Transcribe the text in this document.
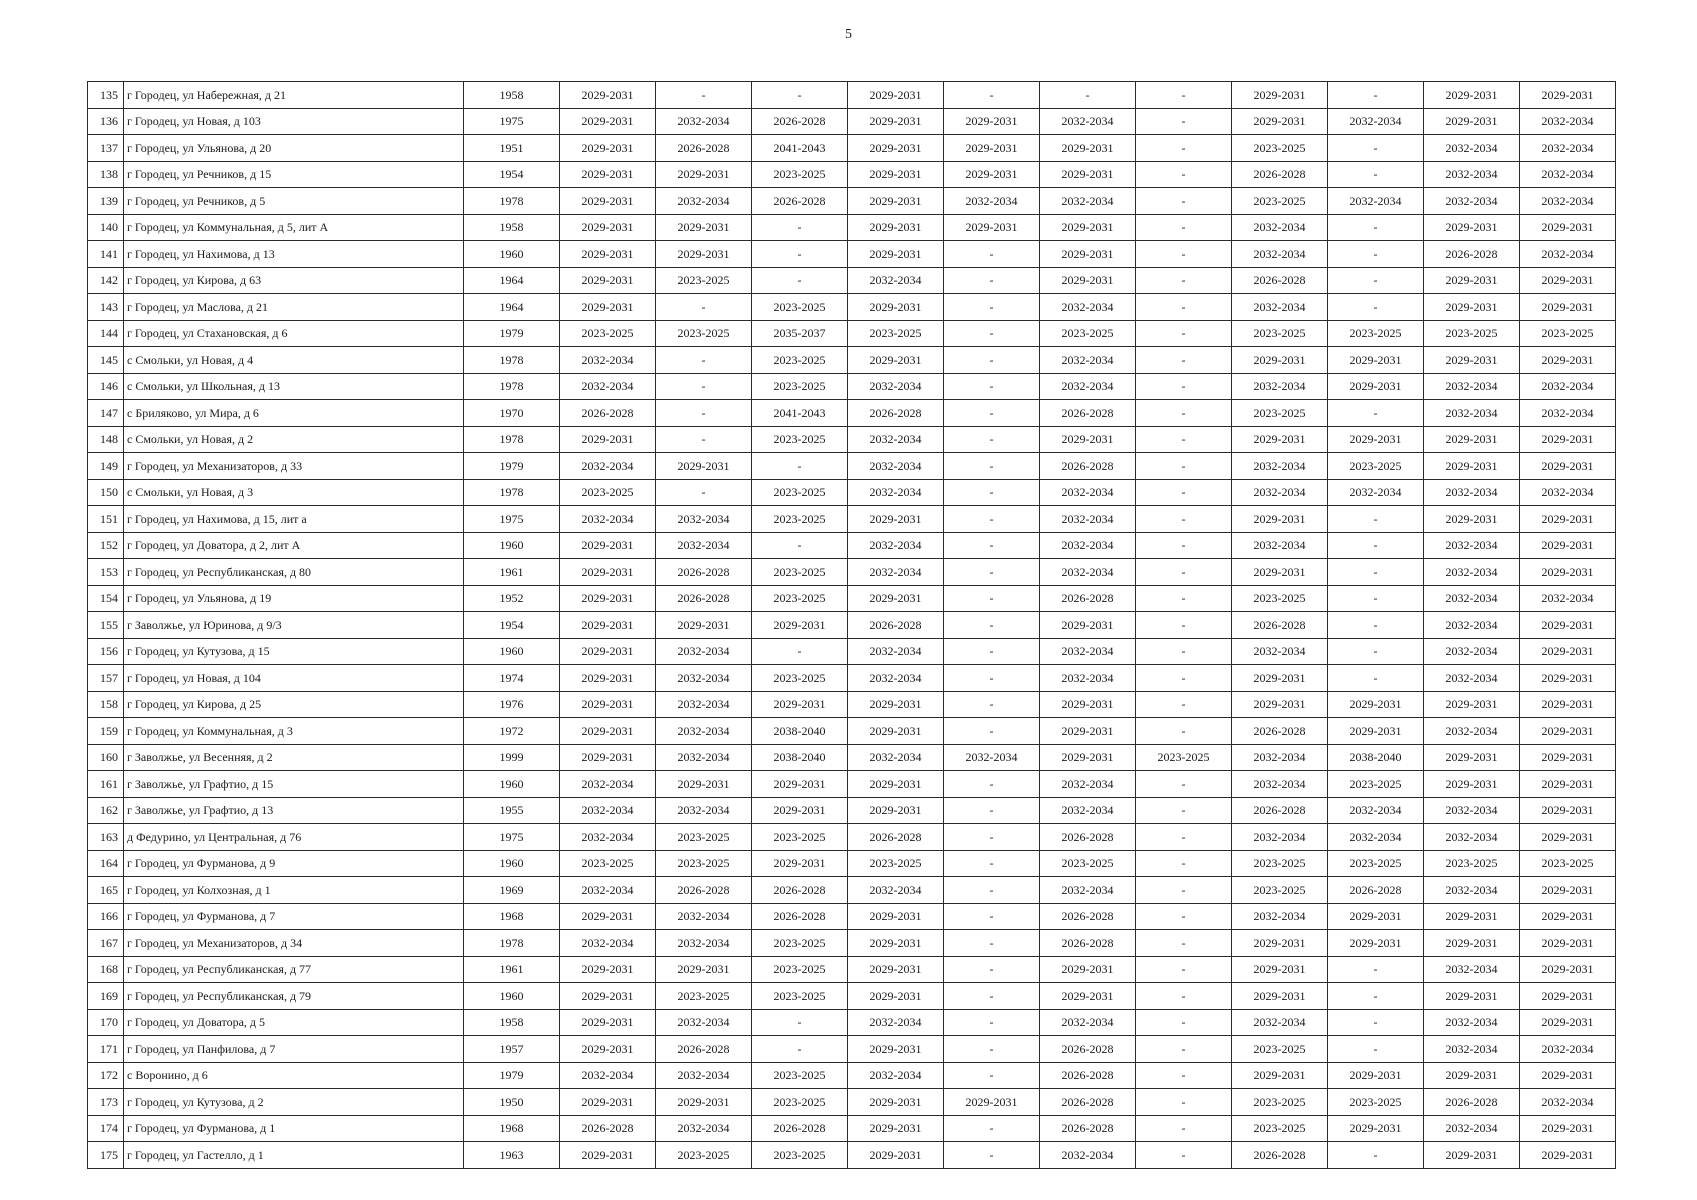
5
135	г Городец, ул Набережная, д 21	1958	2029-2031	-	-	2029-2031	-	-	-	2029-2031	-	2029-2031	2029-2031
136	г Городец, ул Новая, д 103	1975	2029-2031	2032-2034	2026-2028	2029-2031	2029-2031	2032-2034	-	2029-2031	2032-2034	2029-2031	2032-2034
137	г Городец, ул Ульянова, д 20	1951	2029-2031	2026-2028	2041-2043	2029-2031	2029-2031	2029-2031	-	2023-2025	-	2032-2034	2032-2034
138	г Городец, ул Речников, д 15	1954	2029-2031	2029-2031	2023-2025	2029-2031	2029-2031	2029-2031	-	2026-2028	-	2032-2034	2032-2034
139	г Городец, ул Речников, д 5	1978	2029-2031	2032-2034	2026-2028	2029-2031	2032-2034	2032-2034	-	2023-2025	2032-2034	2032-2034	2032-2034
140	г Городец, ул Коммунальная, д 5, лит А	1958	2029-2031	2029-2031	-	2029-2031	2029-2031	2029-2031	-	2032-2034	-	2029-2031	2029-2031
141	г Городец, ул Нахимова, д 13	1960	2029-2031	2029-2031	-	2029-2031	-	2029-2031	-	2032-2034	-	2026-2028	2032-2034
142	г Городец, ул Кирова, д 63	1964	2029-2031	2023-2025	-	2032-2034	-	2029-2031	-	2026-2028	-	2029-2031	2029-2031
143	г Городец, ул Маслова, д 21	1964	2029-2031	-	2023-2025	2029-2031	-	2032-2034	-	2032-2034	-	2029-2031	2029-2031
144	г Городец, ул Стахановская, д 6	1979	2023-2025	2023-2025	2035-2037	2023-2025	-	2023-2025	-	2023-2025	2023-2025	2023-2025	2023-2025
145	с Смольки, ул Новая, д 4	1978	2032-2034	-	2023-2025	2029-2031	-	2032-2034	-	2029-2031	2029-2031	2029-2031	2029-2031
146	с Смольки, ул Школьная, д 13	1978	2032-2034	-	2023-2025	2032-2034	-	2032-2034	-	2032-2034	2029-2031	2032-2034	2032-2034
147	с Бриляково, ул Мира, д 6	1970	2026-2028	-	2041-2043	2026-2028	-	2026-2028	-	2023-2025	-	2032-2034	2032-2034
148	с Смольки, ул Новая, д 2	1978	2029-2031	-	2023-2025	2032-2034	-	2029-2031	-	2029-2031	2029-2031	2029-2031	2029-2031
149	г Городец, ул Механизаторов, д 33	1979	2032-2034	2029-2031	-	2032-2034	-	2026-2028	-	2032-2034	2023-2025	2029-2031	2029-2031
150	с Смольки, ул Новая, д 3	1978	2023-2025	-	2023-2025	2032-2034	-	2032-2034	-	2032-2034	2032-2034	2032-2034	2032-2034
151	г Городец, ул Нахимова, д 15, лит а	1975	2032-2034	2032-2034	2023-2025	2029-2031	-	2032-2034	-	2029-2031	-	2029-2031	2029-2031
152	г Городец, ул Доватора, д 2, лит А	1960	2029-2031	2032-2034	-	2032-2034	-	2032-2034	-	2032-2034	-	2032-2034	2029-2031
153	г Городец, ул Республиканская, д 80	1961	2029-2031	2026-2028	2023-2025	2032-2034	-	2032-2034	-	2029-2031	-	2032-2034	2029-2031
154	г Городец, ул Ульянова, д 19	1952	2029-2031	2026-2028	2023-2025	2029-2031	-	2026-2028	-	2023-2025	-	2032-2034	2032-2034
155	г Заволжье, ул Юринова, д 9/3	1954	2029-2031	2029-2031	2029-2031	2026-2028	-	2029-2031	-	2026-2028	-	2032-2034	2029-2031
156	г Городец, ул Кутузова, д 15	1960	2029-2031	2032-2034	-	2032-2034	-	2032-2034	-	2032-2034	-	2032-2034	2029-2031
157	г Городец, ул Новая, д 104	1974	2029-2031	2032-2034	2023-2025	2032-2034	-	2032-2034	-	2029-2031	-	2032-2034	2029-2031
158	г Городец, ул Кирова, д 25	1976	2029-2031	2032-2034	2029-2031	2029-2031	-	2029-2031	-	2029-2031	2029-2031	2029-2031	2029-2031
159	г Городец, ул Коммунальная, д 3	1972	2029-2031	2032-2034	2038-2040	2029-2031	-	2029-2031	-	2026-2028	2029-2031	2032-2034	2029-2031
160	г Заволжье, ул Весенняя, д 2	1999	2029-2031	2032-2034	2038-2040	2032-2034	2032-2034	2029-2031	2023-2025	2032-2034	2038-2040	2029-2031	2029-2031
161	г Заволжье, ул Графтио, д 15	1960	2032-2034	2029-2031	2029-2031	2029-2031	-	2032-2034	-	2032-2034	2023-2025	2029-2031	2029-2031
162	г Заволжье, ул Графтио, д 13	1955	2032-2034	2032-2034	2029-2031	2029-2031	-	2032-2034	-	2026-2028	2032-2034	2032-2034	2029-2031
163	д Федурино, ул Центральная, д 76	1975	2032-2034	2023-2025	2023-2025	2026-2028	-	2026-2028	-	2032-2034	2032-2034	2032-2034	2029-2031
164	г Городец, ул Фурманова, д 9	1960	2023-2025	2023-2025	2029-2031	2023-2025	-	2023-2025	-	2023-2025	2023-2025	2023-2025	2023-2025
165	г Городец, ул Колхозная, д 1	1969	2032-2034	2026-2028	2026-2028	2032-2034	-	2032-2034	-	2023-2025	2026-2028	2032-2034	2029-2031
166	г Городец, ул Фурманова, д 7	1968	2029-2031	2032-2034	2026-2028	2029-2031	-	2026-2028	-	2032-2034	2029-2031	2029-2031	2029-2031
167	г Городец, ул Механизаторов, д 34	1978	2032-2034	2032-2034	2023-2025	2029-2031	-	2026-2028	-	2029-2031	2029-2031	2029-2031	2029-2031
168	г Городец, ул Республиканская, д 77	1961	2029-2031	2029-2031	2023-2025	2029-2031	-	2029-2031	-	2029-2031	-	2032-2034	2029-2031
169	г Городец, ул Республиканская, д 79	1960	2029-2031	2023-2025	2023-2025	2029-2031	-	2029-2031	-	2029-2031	-	2029-2031	2029-2031
170	г Городец, ул Доватора, д 5	1958	2029-2031	2032-2034	-	2032-2034	-	2032-2034	-	2032-2034	-	2032-2034	2029-2031
171	г Городец, ул Панфилова, д 7	1957	2029-2031	2026-2028	-	2029-2031	-	2026-2028	-	2023-2025	-	2032-2034	2032-2034
172	с Воронино, д 6	1979	2032-2034	2032-2034	2023-2025	2032-2034	-	2026-2028	-	2029-2031	2029-2031	2029-2031	2029-2031
173	г Городец, ул Кутузова, д 2	1950	2029-2031	2029-2031	2023-2025	2029-2031	2029-2031	2026-2028	-	2023-2025	2023-2025	2026-2028	2032-2034
174	г Городец, ул Фурманова, д 1	1968	2026-2028	2032-2034	2026-2028	2029-2031	-	2026-2028	-	2023-2025	2029-2031	2032-2034	2029-2031
175	г Городец, ул Гастелло, д 1	1963	2029-2031	2023-2025	2023-2025	2029-2031	-	2032-2034	-	2026-2028	-	2029-2031	2029-2031
